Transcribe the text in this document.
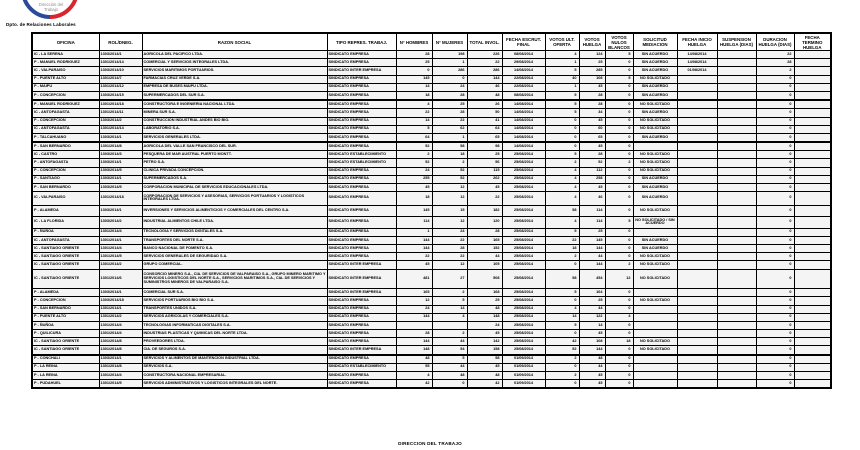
Dirección del
Trabajo
Dpto. de Relaciones Laborales
OFICINA	ROL/DNEG.	RAZON SOCIAL	TIPO REPRES. TRABAJ.	N° HOMBRES	N° MUJERES	TOTAL INVOL.	FECHA ESCRUT. FINAL	VOTOS ULT. OFERTA	VOTOS HUELGA	VOTOS NULOS BLANCOS	SOLICITUD MEDIACION	FECHA INICIO HUELGA	SUSPENSION HUELGA (DIAS)	DURACION HUELGA (DIAS)	FECHA TERMINO HUELGA
IC - LA SERENA	1303/2014/1	AGRICOLA DEL PACIFICO LTDA.	SINDICATO EMPRESA	28	198	226	08/08/2014	4	124	5	SIN ACUERDO	14/08/2014		22	
P - MANUEL RODRIGUEZ	1301/2014/14	COMERCIAL Y SERVICIOS INTEGRALES LTDA.	SINDICATO EMPRESA	25	1	22	29/08/2014	1	25	0	SIN ACUERDO	14/08/2014		28	
IC - VALPARAISO	1303/2014/10	SERVICIOS MARITIMOS PORTUARIOS.	SINDICATO INTER EMPRESA	0	286	286	14/08/2014	5	285	0	SIN ACUERDO	01/08/2014		2	
P - PUENTE ALTO	1301/2014/7	FARMACIAS CRUZ VERDE S.A.	SINDICATO EMPRESA	145	0	144	22/08/2014	40	108	5	NO SOLICITADO			0	
P - MAIPU	1301/2014/12	EMPRESA DE BUSES MAIPU LTDA.	SINDICATO EMPRESA	14	24	46	22/08/2014	1	45	0	SIN ACUERDO			0	
P - CONCEPCION	1303/2014/15	SUPERMERCADOS DEL SUR S.A.	SINDICATO EMPRESA	18	28	48	08/08/2014	5	28	0	SIN ACUERDO			0	
P - MANUEL RODRIGUEZ	1301/2014/18	CONSTRUCTORA E INGENIERIA NACIONAL LTDA.	SINDICATO EMPRESA	4	25	26	14/08/2014	5	28	0	NO SOLICITADO			0	
IC - ANTOFAGASTA	1301/2014/11	MINERA SUR S.A.	SINDICATO EMPRESA	22	28	50	14/08/2014	5	34	0	SIN ACUERDO			0	
P - CONCEPCION	1303/2014/2	CONSTRUCCION INDUSTRIAL ANDES BIO BIO.	SINDICATO EMPRESA	14	22	41	14/08/2014	0	45	0	NO SOLICITADO			0	
IC - ANTOFAGASTA	1301/2014/14	LABORATORIO S.A.	SINDICATO EMPRESA	5	62	64	14/08/2014	0	60	0	NO SOLICITADO			0	
P - TALCAHUANO	1303/2014/1	SERVICIOS GENERALES LTDA.	SINDICATO EMPRESA	64	1	65	14/08/2014	0	65	0	SIN ACUERDO			0	
P - SAN BERNARDO	1301/2014/8	AGRICOLA DEL VALLE SAN FRANCISCO DEL SUR.	SINDICATO EMPRESA	52	58	98	14/08/2014	0	45	0				0	
IC - CASTRO	1303/2014/3	PESQUERA DE MAR AUSTRAL PUERTO MONTT.	SINDICATO ESTABLECIMIENTO	2	18	25	25/08/2014	5	28	0	NO SOLICITADO			0	
P - ANTOFAGASTA	1303/2014/1	PETRO S.A.	SINDICATO ESTABLECIMIENTO	52	2	56	25/08/2014	2	52	2	NO SOLICITADO			0	
P - CONCEPCION	1303/2014/5	CLINICA PRIVADA CONCEPCION.	SINDICATO EMPRESA	24	52	115	25/08/2014	4	112	0	NO SOLICITADO			0	
P - SANTIAGO	1303/2014/1	SUPERMERCADOS S.A.	SINDICATO EMPRESA	255	52	262	25/08/2014	4	258	0	SIN ACUERDO			0	
P - SAN BERNARDO	1303/2014/5	CORPORACION MUNICIPAL DE SERVICIOS EDUCACIONALES LTDA.	SINDICATO EMPRESA	45	12	45	25/08/2014	4	45	0	SIN ACUERDO			0	
IC - VALPARAISO	1301/2014/18	CORPORACION DE SERVICIOS Y ASESORIAS, SERVICIOS PORTUARIOS Y LOGISTICOS INTEGRALES LTDA.	SINDICATO EMPRESA	18	12	22	25/08/2014	4	46	0	SIN ACUERDO			0	
P - ALAMEDA	1303/2014/1	INVERSIONES Y SERVICIOS ALIMENTICIOS Y COMERCIALES DEL CENTRO S.A.	SINDICATO EMPRESA	145	15	182	25/08/2014	58	114	0	NO SOLICITADO			0	
IC - LA FLORIDA	1303/2014/2	INDUSTRIAL ALIMENTOS CHILE LTDA.	SINDICATO EMPRESA	114	12	120	25/08/2014	4	114	5	NO SOLICITADO / SIN ACUERDO			0	
P - ÑUÑOA	1301/2014/4	TECNOLOGIA Y SERVICIOS DIGITALES S.A.	SINDICATO EMPRESA	1	24	28	25/08/2014	5	25	0				0	
IC - ANTOFAGASTA	1301/2014/1	TRANSPORTES DEL NORTE S.A.	SINDICATO EMPRESA	144	22	165	25/08/2014	22	145	0	SIN ACUERDO			0	
IC - SANTIAGO ORIENTE	1301/2014/4	BANCO NACIONAL DE FOMENTO S.A.	SINDICATO EMPRESA	144	28	152	25/08/2014	18	144	0	SIN ACUERDO			0	
IC - SANTIAGO ORIENTE	1301/2014/5	SERVICIOS GENERALES DE SEGURIDAD S.A.	SINDICATO EMPRESA	22	22	44	25/08/2014	2	44	0	NO SOLICITADO			0	
IC - SANTIAGO ORIENTE	1301/2014/2	GRUPO COMERCIAL.	SINDICATO INTER EMPRESA	45	12	105	25/08/2014	0	144	2	NO SOLICITADO			0	
IC - SANTIAGO ORIENTE	1301/2014/6	CONSORCIO MINERO S.A., CIA. DE SERVICIOS DE VALPARAISO S.A., GRUPO MINERO MARITIMO Y SERVICIOS LOGISTICOS DEL NORTE S.A., SERVICIOS MARITIMOS S.A., CIA. DE SERVICIOS Y SUMINISTROS MINEROS DE VALPARAISO S.A.	SINDICATO INTER EMPRESA	481	27	508	25/08/2014	58	454	12	NO SOLICITADO			0	
P - ALAMEDA	1303/2014/1	COMERCIAL SUR S.A.	SINDICATO INTER EMPRESA	165	2	168	25/08/2014	5	164	0				0	
P - CONCEPCION	1303/2014/18	SERVICIOS PORTUARIOS BIO BIO S.A.	SINDICATO EMPRESA	12	5	25	25/08/2014	0	25	0	NO SOLICITADO			0	
P - SAN BERNARDO	1301/2014/1	TRANSPORTES UNIDOS S.A.	SINDICATO EMPRESA	24	14	48	25/08/2014	4	44	0				0	
P - PUENTE ALTO	1301/2014/2	SERVICIOS AGRICOLAS Y COMERCIALES S.A.	SINDICATO EMPRESA	144	4	148	25/08/2014	14	122	4				0	
P - ÑUÑOA	1301/2014/4	TECNOLOGIAS INFORMATICAS DIGITALES S.A.	SINDICATO EMPRESA			24	25/08/2014	5	14	0				0	
P - QUILICURA	1301/2014/4	INDUSTRIAS PLASTICAS Y QUIMICAS DEL NORTE LTDA.	SINDICATO EMPRESA	28	2	45	25/08/2014	0	45	0				0	
IC - SANTIAGO ORIENTE	1301/2014/8	PROVEEDORES LTDA.	SINDICATO EMPRESA	144	44	142	25/08/2014	42	108	18	NO SOLICITADO			0	
IC - SANTIAGO ORIENTE	1301/2014/8	CIA. DE SEGUROS S.A.	SINDICATO INTER EMPRESA	148	54	158	25/08/2014	52	144	0	NO SOLICITADO			0	
P - CONCHALI	1303/2014/1	SERVICIOS Y ALIMENTOS DE MANTENCION INDUSTRIAL LTDA.	SINDICATO EMPRESA	48	5	58	01/09/2014	2	48	0				0	
P - LA REINA	1301/2014/8	SERVICIOS S.A.	SINDICATO ESTABLECIMIENTO	55	44	45	01/09/2014	0	44	0				0	
P - LA REINA	1301/2014/4	CONSTRUCTORA NACIONAL EMPRESARIAL.	SINDICATO EMPRESA	4	48	48	01/09/2014	2	45	0				0	
P - PUDAHUEL	1301/2014/5	SERVICIOS ADMINISTRATIVOS Y LOGISTICOS INTEGRALES DEL NORTE.	SINDICATO EMPRESA	42	0	42	01/09/2014	0	45	0				0	
DIRECCION DEL TRABAJO
